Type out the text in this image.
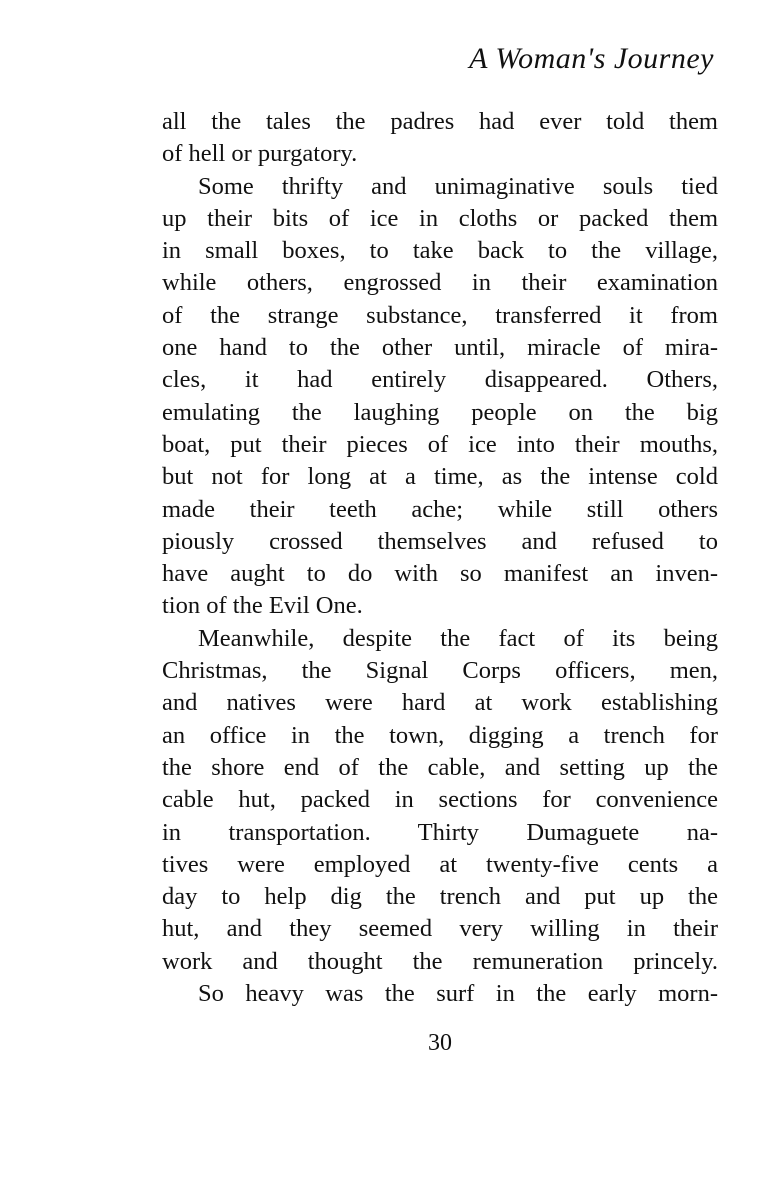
A Woman's Journey
all the tales the padres had ever told them
of hell or purgatory.
Some thrifty and unimaginative souls tied
up their bits of ice in cloths or packed them
in small boxes, to take back to the village,
while others, engrossed in their examination
of the strange substance, transferred it from
one hand to the other until, miracle of mira-
cles, it had entirely disappeared. Others,
emulating the laughing people on the big
boat, put their pieces of ice into their mouths,
but not for long at a time, as the intense cold
made their teeth ache; while still others
piously crossed themselves and refused to
have aught to do with so manifest an inven-
tion of the Evil One.
Meanwhile, despite the fact of its being
Christmas, the Signal Corps officers, men,
and natives were hard at work establishing
an office in the town, digging a trench for
the shore end of the cable, and setting up the
cable hut, packed in sections for convenience
in transportation. Thirty Dumaguete na-
tives were employed at twenty-five cents a
day to help dig the trench and put up the
hut, and they seemed very willing in their
work and thought the remuneration princely.
So heavy was the surf in the early morn-
30
